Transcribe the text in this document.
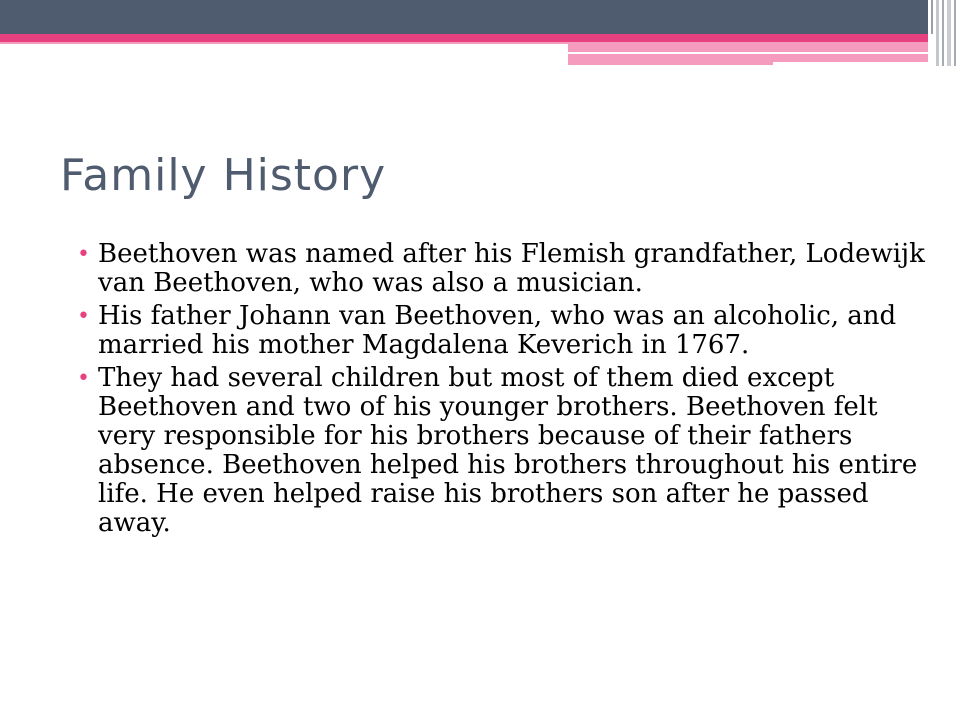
Family History
• Beethoven was named after his Flemish grandfather, Lodewijk van Beethoven, who was also a musician.
• His father Johann van Beethoven, who was an alcoholic, and married his mother Magdalena Keverich in 1767.
• They had several children but most of them died except Beethoven and two of his younger brothers. Beethoven felt very responsible for his brothers because of their fathers absence. Beethoven helped his brothers throughout his entire life. He even helped raise his brothers son after he passed away.
